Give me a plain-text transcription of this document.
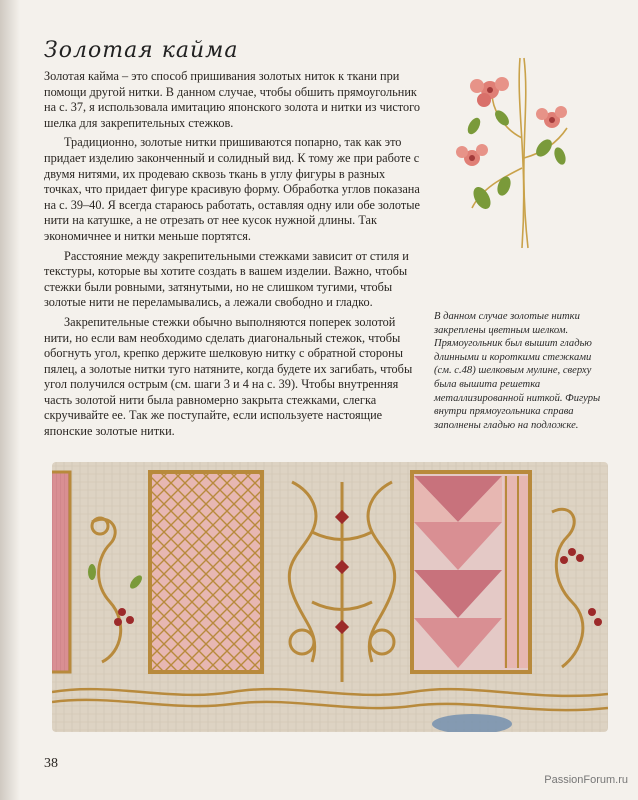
Золотая кайма

Золотая кайма – это способ пришивания золотых ниток к ткани при помощи другой нитки. В данном случае, чтобы обшить прямоугольник на с. 37, я использовала имитацию японского золота и нитки из чистого шелка для закрепительных стежков.

Традиционно, золотые нитки пришиваются попарно, так как это придает изделию законченный и солидный вид. К тому же при работе с двумя нитями, их продеваю сквозь ткань в углу фигуры в разных точках, что придает фигуре красивую форму. Обработка углов показана на с. 39–40. Я всегда стараюсь работать, оставляя одну или обе золотые нити на катушке, а не отрезать от нее кусок нужной длины. Так экономичнее и нитки меньше портятся.

Расстояние между закрепительными стежками зависит от стиля и текстуры, которые вы хотите создать в вашем изделии. Важно, чтобы стежки были ровными, затянутыми, но не слишком тугими, чтобы золотые нити не переламывались, а лежали свободно и гладко.

Закрепительные стежки обычно выполняются поперек золотой нити, но если вам необходимо сделать диагональный стежок, чтобы обогнуть угол, крепко держите шелковую нитку с обратной стороны пялец, а золотые нитки туго натяните, когда будете их загибать, чтобы угол получился острым (см. шаги 3 и 4 на с. 39). Чтобы внутренняя часть золотой нити была равномерно закрыта стежками, слегка скручивайте ее. Так же поступайте, если используете настоящие японские золотые нитки.

В данном случае золотые нитки закреплены цветным шелком. Прямоугольник был вышит гладью длинными и короткими стежками (см. с.48) шелковым мулине, сверху была вышита решетка металлизированной ниткой. Фигуры внутри прямоугольника справа заполнены гладью на подложке.
38
PassionForum.ru
